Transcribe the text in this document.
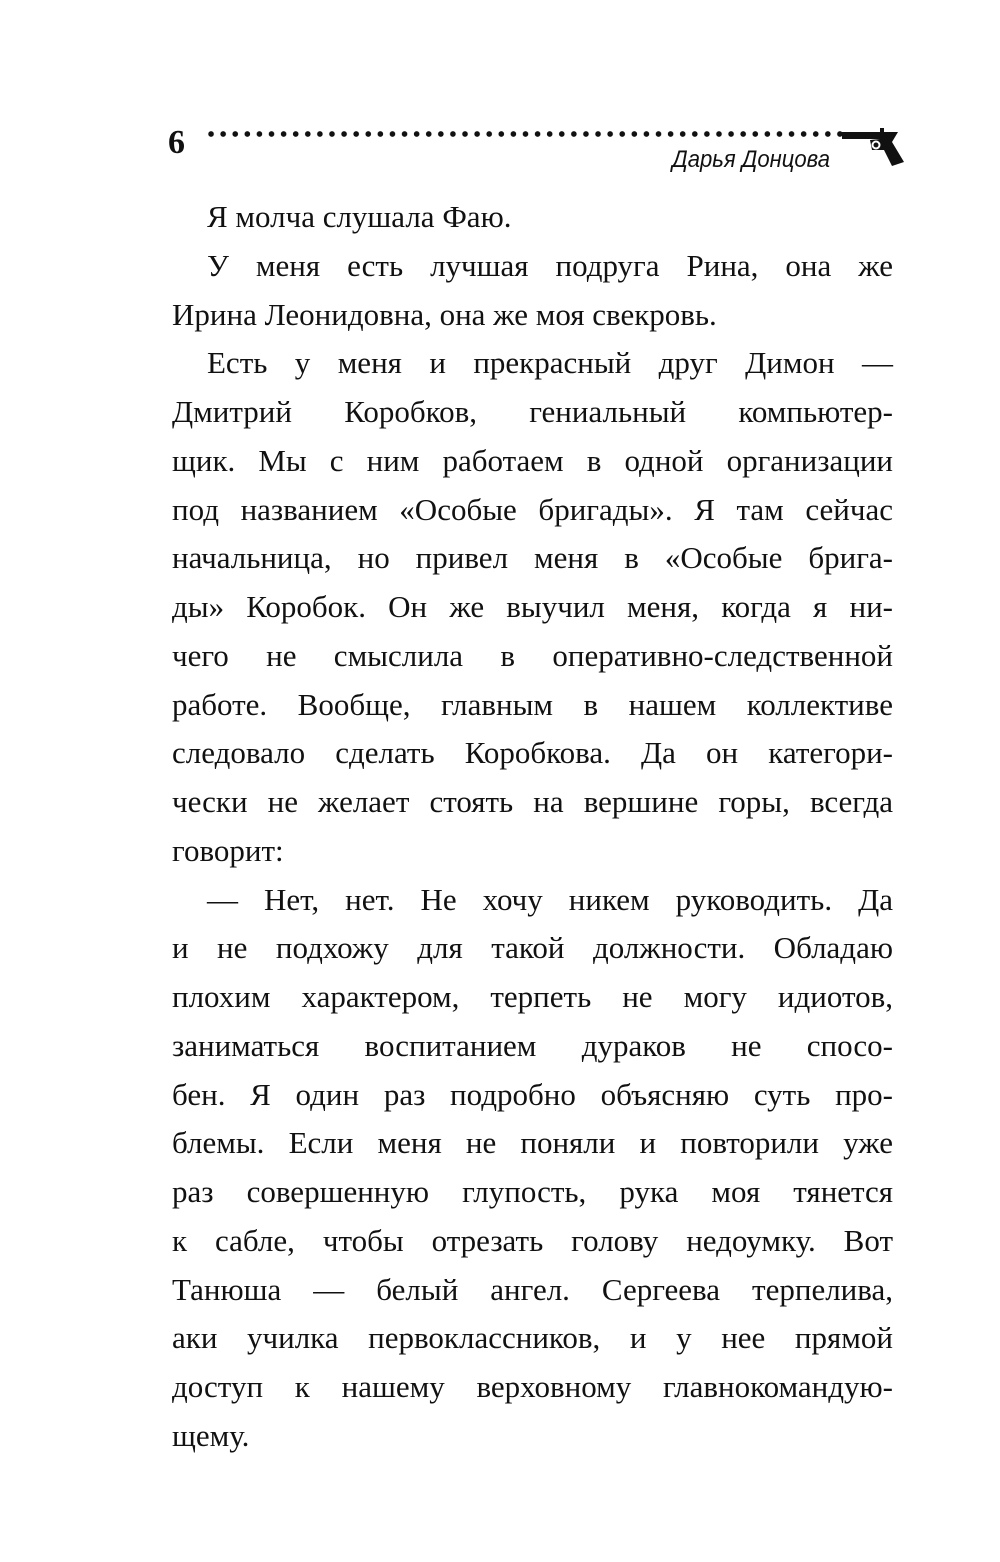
6	Дарья Донцова
Я молча слушала Фаю.
У меня есть лучшая подруга Рина, она же
Ирина Леонидовна, она же моя свекровь.
Есть у меня и прекрасный друг Димон —
Дмитрий Коробков, гениальный компьютер-
щик. Мы с ним работаем в одной организации
под названием «Особые бригады». Я там сейчас
начальница, но привел меня в «Особые брига-
ды» Коробок. Он же выучил меня, когда я ни-
чего не смыслила в оперативно-следственной
работе. Вообще, главным в нашем коллективе
следовало сделать Коробкова. Да он категори-
чески не желает стоять на вершине горы, всегда
говорит:
— Нет, нет. Не хочу никем руководить. Да
и не подхожу для такой должности. Обладаю
плохим характером, терпеть не могу идиотов,
заниматься воспитанием дураков не спосо-
бен. Я один раз подробно объясняю суть про-
блемы. Если меня не поняли и повторили уже
раз совершенную глупость, рука моя тянется
к сабле, чтобы отрезать голову недоумку. Вот
Танюша — белый ангел. Сергеева терпелива,
аки училка первоклассников, и у нее прямой
доступ к нашему верховному главнокомандую-
щему.
